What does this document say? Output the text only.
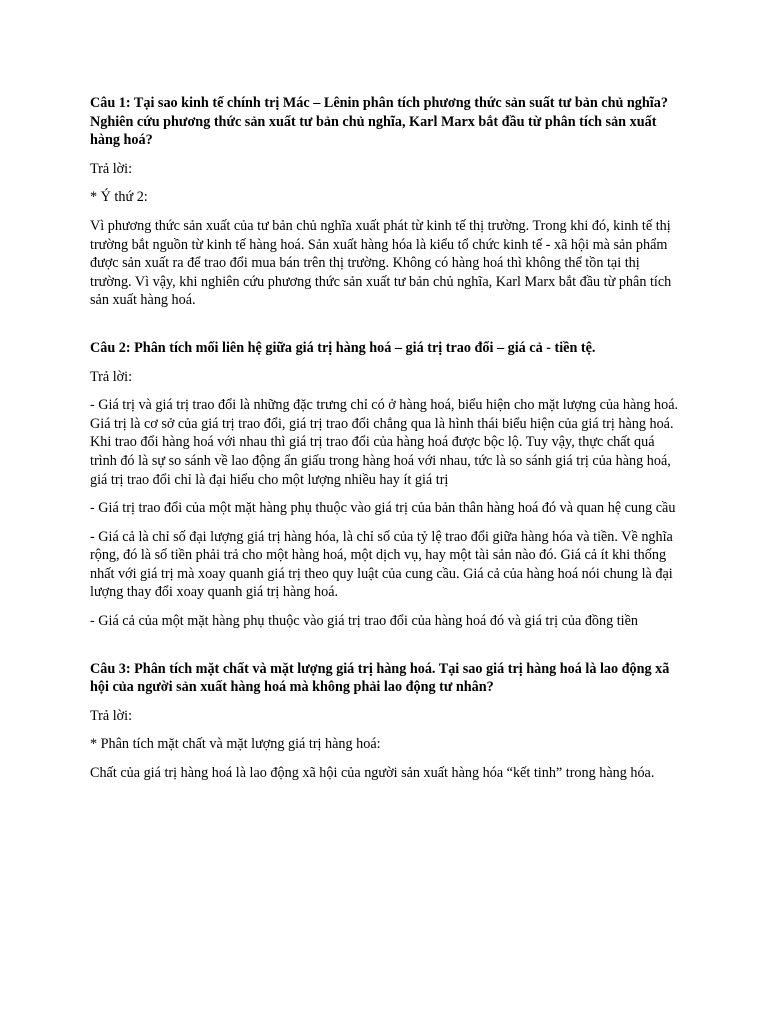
Câu 1: Tại sao kinh tế chính trị Mác – Lênin phân tích phương thức sản suất tư bản chủ nghĩa? Nghiên cứu phương thức sản xuất tư bản chủ nghĩa, Karl Marx bắt đầu từ phân tích sản xuất hàng hoá?

Trả lời:

* Ý thứ 2:

Vì phương thức sản xuất của tư bản chủ nghĩa xuất phát từ kinh tế thị trường. Trong khi đó, kinh tế thị trường bắt nguồn từ kinh tế hàng hoá. Sản xuất hàng hóa là kiểu tổ chức kinh tế - xã hội mà sản phẩm được sản xuất ra để trao đổi mua bán trên thị trường. Không có hàng hoá thì không thể tồn tại thị trường. Vì vậy, khi nghiên cứu phương thức sản xuất tư bản chủ nghĩa, Karl Marx bắt đầu từ phân tích sản xuất hàng hoá.

Câu 2: Phân tích mối liên hệ giữa giá trị hàng hoá – giá trị trao đổi – giá cả - tiền tệ.

Trả lời:

- Giá trị và giá trị trao đổi là những đặc trưng chỉ có ở hàng hoá, biểu hiện cho mặt lượng của hàng hoá. Giá trị là cơ sở của giá trị trao đổi, giá trị trao đổi chẳng qua là hình thái biểu hiện của giá trị hàng hoá. Khi trao đổi hàng hoá với nhau thì giá trị trao đổi của hàng hoá được bộc lộ. Tuy vậy, thực chất quá trình đó là sự so sánh về lao động ẩn giấu trong hàng hoá với nhau, tức là so sánh giá trị của hàng hoá, giá trị trao đổi chỉ là đại hiểu cho một lượng nhiều hay ít giá trị

- Giá trị trao đổi của một mặt hàng phụ thuộc vào giá trị của bản thân hàng hoá đó và quan hệ cung cầu

- Giá cả là chỉ số đại lượng giá trị hàng hóa, là chỉ số của tỷ lệ trao đổi giữa hàng hóa và tiền. Về nghĩa rộng, đó là số tiền phải trả cho một hàng hoá, một dịch vụ, hay một tài sản nào đó. Giá cả ít khi thống nhất với giá trị mà xoay quanh giá trị theo quy luật của cung cầu. Giá cả của hàng hoá nói chung là đại lượng thay đổi xoay quanh giá trị hàng hoá.

- Giá cả của một mặt hàng phụ thuộc vào giá trị trao đổi của hàng hoá đó và giá trị của đồng tiền

Câu 3: Phân tích mặt chất và mặt lượng giá trị hàng hoá. Tại sao giá trị hàng hoá là lao động xã hội của người sản xuất hàng hoá mà không phải lao động tư nhân?

Trả lời:

* Phân tích mặt chất và mặt lượng giá trị hàng hoá:

Chất của giá trị hàng hoá là lao động xã hội của người sản xuất hàng hóa “kết tinh” trong hàng hóa.
